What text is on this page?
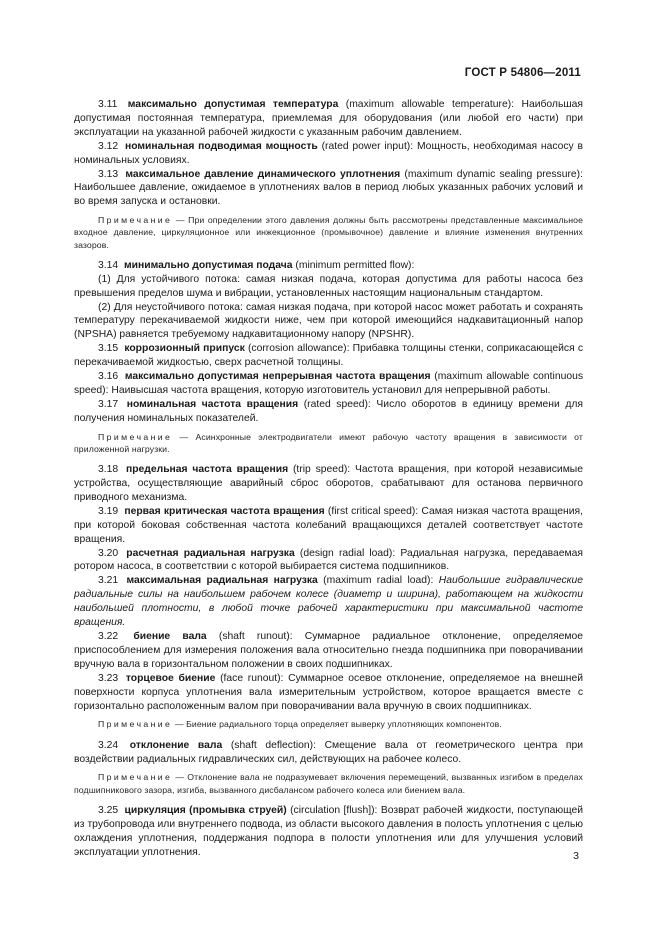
ГОСТ Р 54806—2011

3.11 максимально допустимая температура (maximum allowable temperature): Наибольшая допустимая постоянная температура, приемлемая для оборудования (или любой его части) при эксплуатации на указанной рабочей жидкости с указанным рабочим давлением.

3.12 номинальная подводимая мощность (rated power input): Мощность, необходимая насосу в номинальных условиях.

3.13 максимальное давление динамического уплотнения (maximum dynamic sealing pressure): Наибольшее давление, ожидаемое в уплотнениях валов в период любых указанных рабочих условий и во время запуска и остановки.

Примечание — При определении этого давления должны быть рассмотрены представленные максимальное входное давление, циркуляционное или инжекционное (промывочное) давление и влияние изменения внутренних зазоров.

3.14 минимально допустимая подача (minimum permitted flow):

(1) Для устойчивого потока: самая низкая подача, которая допустима для работы насоса без превышения пределов шума и вибрации, установленных настоящим национальным стандартом.

(2) Для неустойчивого потока: самая низкая подача, при которой насос может работать и сохранять температуру перекачиваемой жидкости ниже, чем при которой имеющийся надкавитационный напор (NPSHA) равняется требуемому надкавитационному напору (NPSHR).

3.15 коррозионный припуск (corrosion allowance): Прибавка толщины стенки, соприкасающейся с перекачиваемой жидкостью, сверх расчетной толщины.

3.16 максимально допустимая непрерывная частота вращения (maximum allowable continuous speed): Наивысшая частота вращения, которую изготовитель установил для непрерывной работы.

3.17 номинальная частота вращения (rated speed): Число оборотов в единицу времени для получения номинальных показателей.

Примечание — Асинхронные электродвигатели имеют рабочую частоту вращения в зависимости от приложенной нагрузки.

3.18 предельная частота вращения (trip speed): Частота вращения, при которой независимые устройства, осуществляющие аварийный сброс оборотов, срабатывают для останова первичного приводного механизма.

3.19 первая критическая частота вращения (first critical speed): Самая низкая частота вращения, при которой боковая собственная частота колебаний вращающихся деталей соответствует частоте вращения.

3.20 расчетная радиальная нагрузка (design radial load): Радиальная нагрузка, передаваемая ротором насоса, в соответствии с которой выбирается система подшипников.

3.21 максимальная радиальная нагрузка (maximum radial load): Наибольшие гидравлические радиальные силы на наибольшем рабочем колесе (диаметр и ширина), работающем на жидкости наибольшей плотности, в любой точке рабочей характеристики при максимальной частоте вращения.

3.22 биение вала (shaft runout): Суммарное радиальное отклонение, определяемое приспособлением для измерения положения вала относительно гнезда подшипника при поворачивании вручную вала в горизонтальном положении в своих подшипниках.

3.23 торцевое биение (face runout): Суммарное осевое отклонение, определяемое на внешней поверхности корпуса уплотнения вала измерительным устройством, которое вращается вместе с горизонтально расположенным валом при поворачивании вала вручную в своих подшипниках.

Примечание — Биение радиального торца определяет выверку уплотняющих компонентов.

3.24 отклонение вала (shaft deflection): Смещение вала от геометрического центра при воздействии радиальных гидравлических сил, действующих на рабочее колесо.

Примечание — Отклонение вала не подразумевает включения перемещений, вызванных изгибом в пределах подшипникового зазора, изгиба, вызванного дисбалансом рабочего колеса или биением вала.

3.25 циркуляция (промывка струей) (circulation [flush]): Возврат рабочей жидкости, поступающей из трубопровода или внутреннего подвода, из области высокого давления в полость уплотнения с целью охлаждения уплотнения, поддержания подпора в полости уплотнения или для улучшения условий эксплуатации уплотнения.	3
